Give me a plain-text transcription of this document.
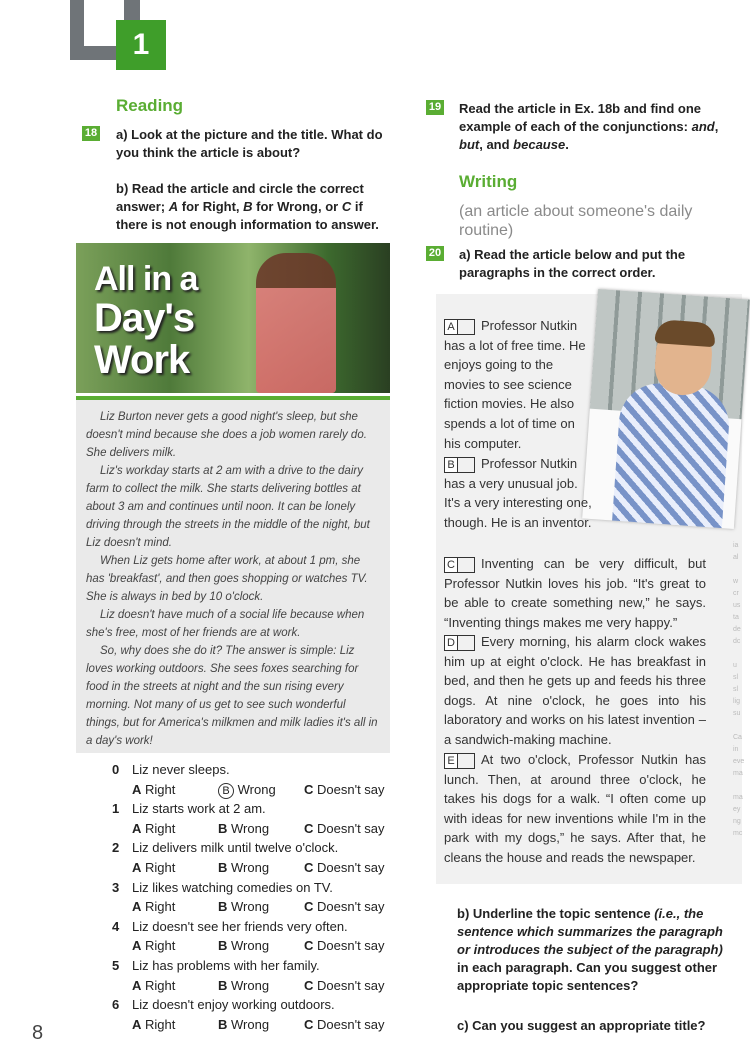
1
Reading
18 a) Look at the picture and the title. What do you think the article is about?
b) Read the article and circle the correct answer; A for Right, B for Wrong, or C if there is not enough information to answer.
All in a
Day's
Work

Liz Burton never gets a good night's sleep, but she doesn't mind because she does a job women rarely do. She delivers milk.

Liz's workday starts at 2 am with a drive to the dairy farm to collect the milk. She starts delivering bottles at about 3 am and continues until noon. It can be lonely driving through the streets in the middle of the night, but Liz doesn't mind.

When Liz gets home after work, at about 1 pm, she has 'breakfast', and then goes shopping or watches TV. She is always in bed by 10 o'clock.

Liz doesn't have much of a social life because when she's free, most of her friends are at work.

So, why does she do it? The answer is simple: Liz loves working outdoors. She sees foxes searching for food in the streets at night and the sun rising every morning. Not many of us get to see such wonderful things, but for America's milkmen and milk ladies it's all in a day's work!

0 Liz never sleeps.
A Right	B Wrong C Doesn't say
1 Liz starts work at 2 am.
A Right	B Wrong	C Doesn't say
2 Liz delivers milk until twelve o'clock.
A Right	B Wrong	C Doesn't say
3 Liz likes watching comedies on TV.
A Right	B Wrong	C Doesn't say
4 Liz doesn't see her friends very often.
A Right	B Wrong	C Doesn't say
5 Liz has problems with her family.
A Right	B Wrong	C Doesn't say
6 Liz doesn't enjoy working outdoors.
A Right	B Wrong	C Doesn't say
8
19 Read the article in Ex. 18b and find one example of each of the conjunctions: and, but, and because.
Writing
(an article about someone's daily routine)
20 a) Read the article below and put the paragraphs in the correct order.
ia
al

w
cr
us
ta
de
dc

u
sl
sl
lig
su

Ca
in
eve
ma

ma
ey
ng
mc
A Professor Nutkin has a lot of free time. He enjoys going to the movies to see science fiction movies. He also spends a lot of time on his computer.
B Professor Nutkin has a very unusual job. It's a very interesting one, though. He is an inventor.
C Inventing can be very difficult, but Professor Nutkin loves his job. “It's great to be able to create something new,” he says. “Inventing things makes me very happy.”
D Every morning, his alarm clock wakes him up at eight o'clock. He has breakfast in bed, and then he gets up and feeds his three dogs. At nine o'clock, he goes into his laboratory and works on his latest invention – a sandwich-making machine.
E At two o'clock, Professor Nutkin has lunch. Then, at around three o'clock, he takes his dogs for a walk. “I often come up with ideas for new inventions while I'm in the park with my dogs,” he says. After that, he cleans the house and reads the newspaper.
b) Underline the topic sentence (i.e., the sentence which summarizes the paragraph or introduces the subject of the paragraph) in each paragraph. Can you suggest other appropriate topic sentences?
c) Can you suggest an appropriate title?
